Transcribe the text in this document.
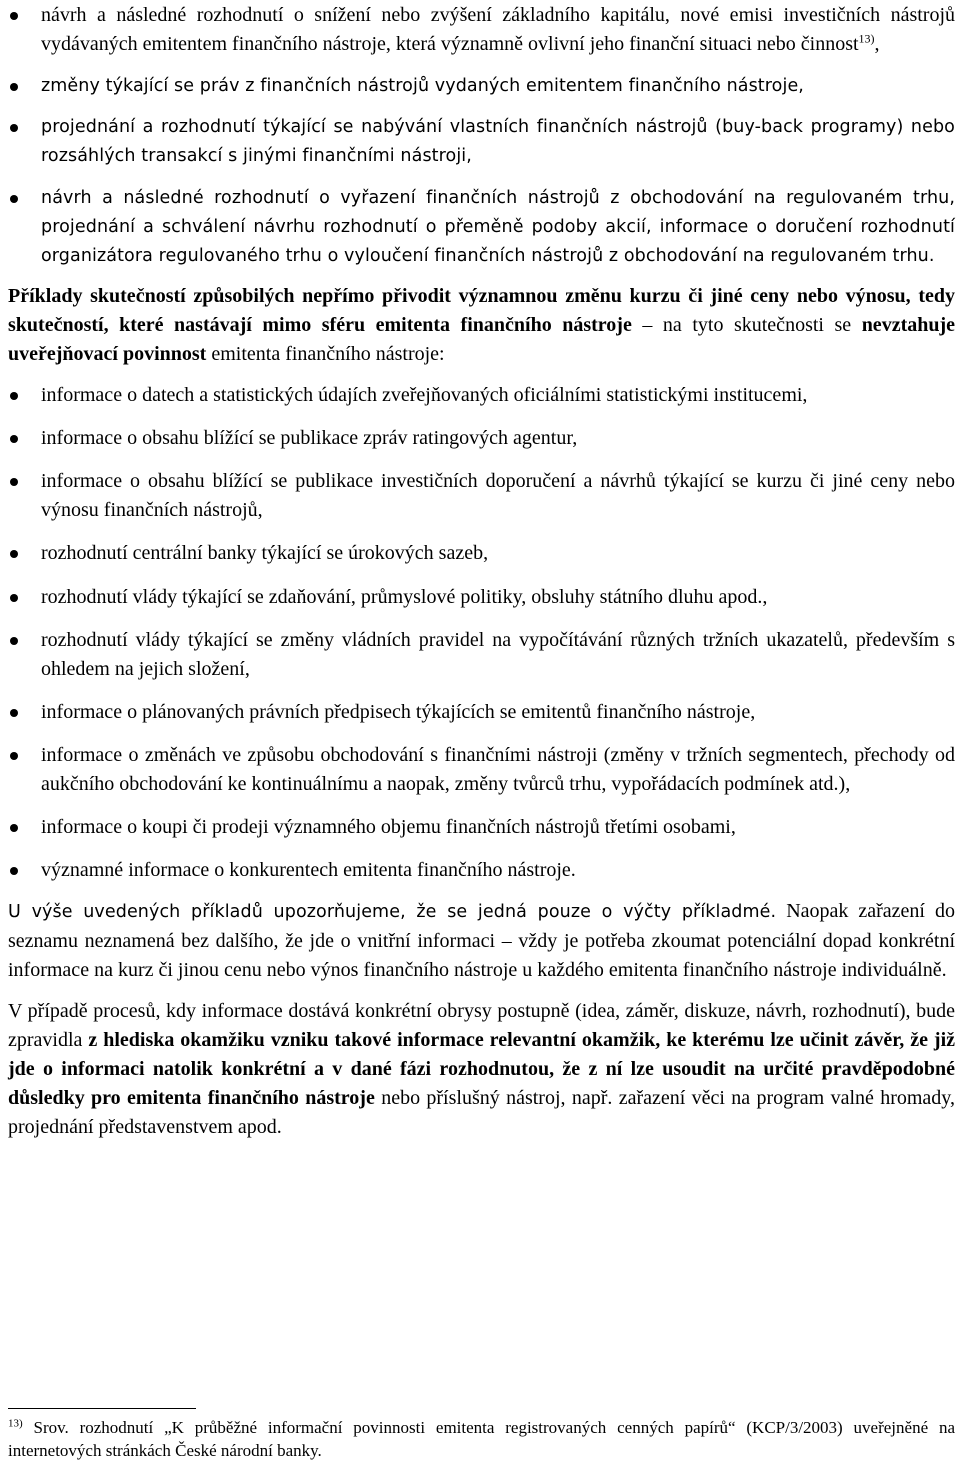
návrh a následné rozhodnutí o snížení nebo zvýšení základního kapitálu, nové emisi investičních nástrojů vydávaných emitentem finančního nástroje, která významně ovlivní jeho finanční situaci nebo činnost$^{13)}$,
změny týkající se práv z finančních nástrojů vydaných emitentem finančního nástroje,
projednání a rozhodnutí týkající se nabývání vlastních finančních nástrojů (buy-back programy) nebo rozsáhlých transakcí s jinými finančními nástroji,
návrh a následné rozhodnutí o vyřazení finančních nástrojů z obchodování na regulovaném trhu, projednání a schválení návrhu rozhodnutí o přeměně podoby akcií, informace o doručení rozhodnutí organizátora regulovaného trhu o vyloučení finančních nástrojů z obchodování na regulovaném trhu.

Příklady skutečností způsobilých nepřímo přivodit významnou změnu kurzu či jiné ceny nebo výnosu, tedy skutečností, které nastávají mimo sféru emitenta finančního nástroje – na tyto skutečnosti se nevztahuje uveřejňovací povinnost emitenta finančního nástroje:

informace o datech a statistických údajích zveřejňovaných oficiálními statistickými institucemi,
informace o obsahu blížící se publikace zpráv ratingových agentur,
informace o obsahu blížící se publikace investičních doporučení a návrhů týkající se kurzu či jiné ceny nebo výnosu finančních nástrojů,
rozhodnutí centrální banky týkající se úrokových sazeb,
rozhodnutí vlády týkající se zdaňování, průmyslové politiky, obsluhy státního dluhu apod.,
rozhodnutí vlády týkající se změny vládních pravidel na vypočítávání různých tržních ukazatelů, především s ohledem na jejich složení,
informace o plánovaných právních předpisech týkajících se emitentů finančního nástroje,
informace o změnách ve způsobu obchodování s finančními nástroji (změny v tržních segmentech, přechody od aukčního obchodování ke kontinuálnímu a naopak, změny tvůrců trhu, vypořádacích podmínek atd.),
informace o koupi či prodeji významného objemu finančních nástrojů třetími osobami,
významné informace o konkurentech emitenta finančního nástroje.

U výše uvedených příkladů upozorňujeme, že se jedná pouze o výčty příkladmé. Naopak zařazení do seznamu neznamená bez dalšího, že jde o vnitřní informaci – vždy je potřeba zkoumat potenciální dopad konkrétní informace na kurz či jinou cenu nebo výnos finančního nástroje u každého emitenta finančního nástroje individuálně.

V případě procesů, kdy informace dostává konkrétní obrysy postupně (idea, záměr, diskuze, návrh, rozhodnutí), bude zpravidla z hlediska okamžiku vzniku takové informace relevantní okamžik, ke kterému lze učinit závěr, že již jde o informaci natolik konkrétní a v dané fázi rozhodnutou, že z ní lze usoudit na určité pravděpodobné důsledky pro emitenta finančního nástroje nebo příslušný nástroj, např. zařazení věci na program valné hromady, projednání představenstvem apod.

$^{13)}$ Srov. rozhodnutí „K průběžné informační povinnosti emitenta registrovaných cenných papírů“ (KCP/3/2003) uveřejněné na internetových stránkách České národní banky.
